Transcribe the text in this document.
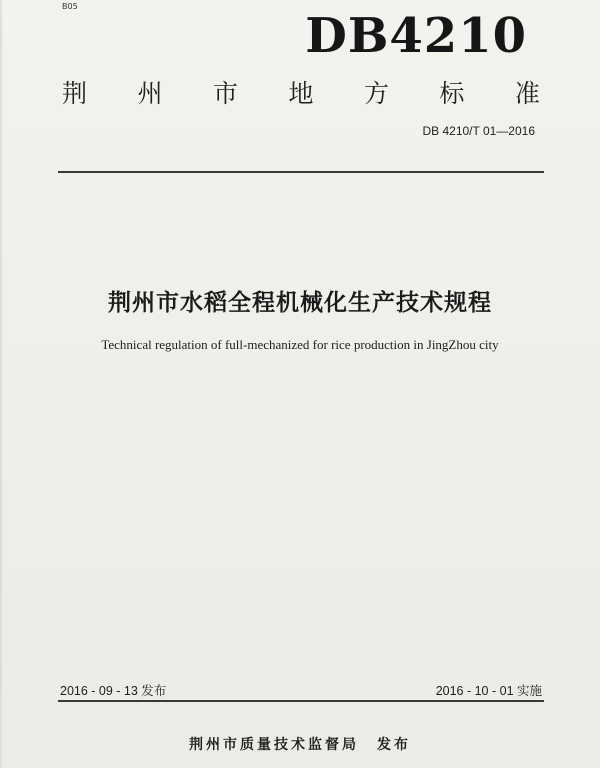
B05
DB4210
荆 州 市 地 方 标 准
DB 4210/T 01—2016
荆州市水稻全程机械化生产技术规程
Technical regulation of full-mechanized for rice production in JingZhou city
2016 - 09 - 13 发布	2016 - 10 - 01 实施
荆州市质量技术监督局 发布
